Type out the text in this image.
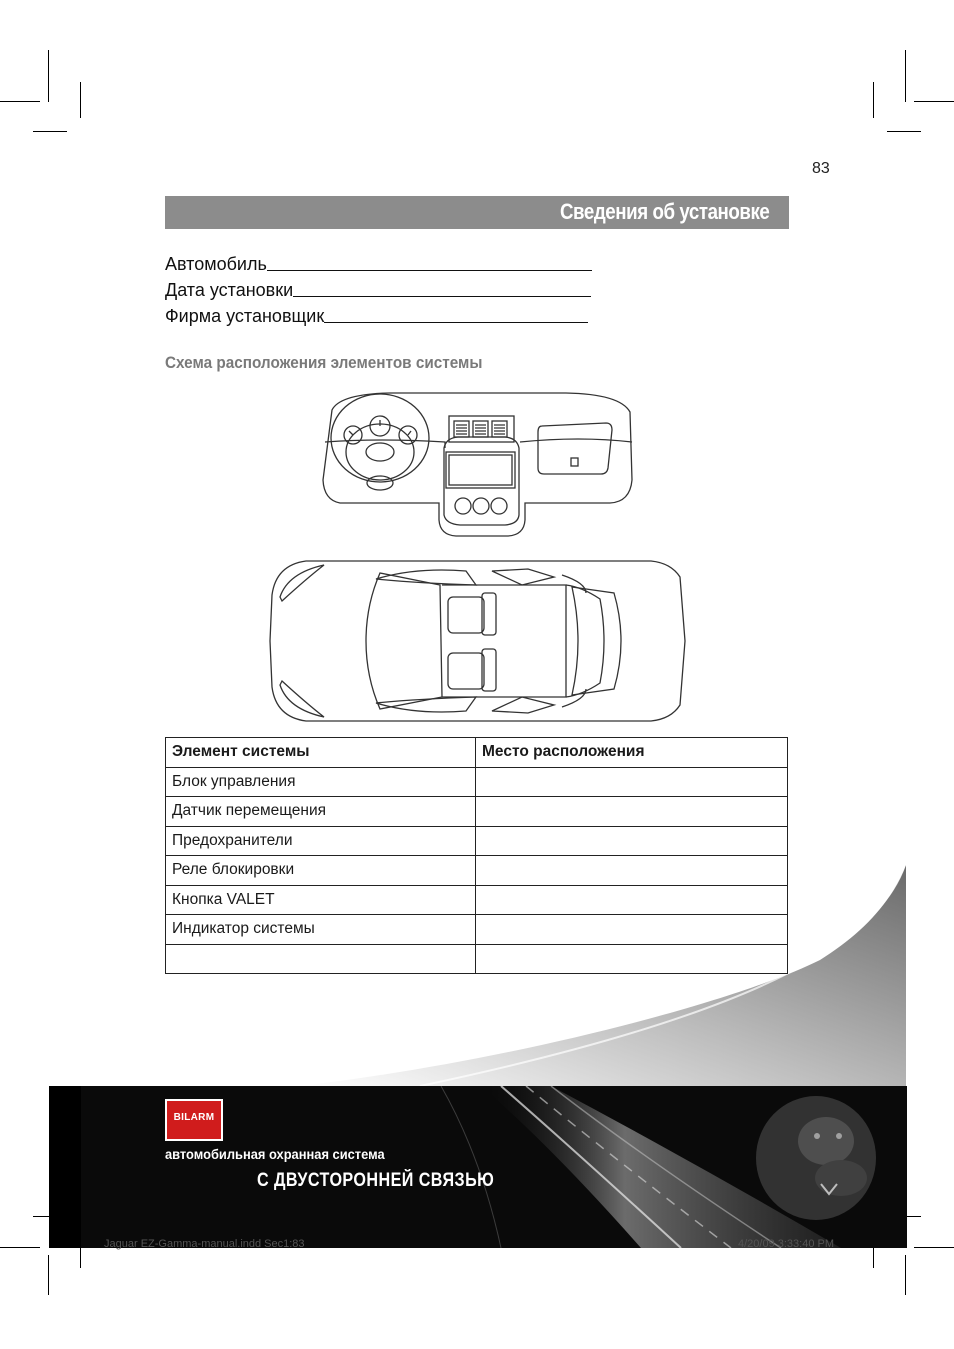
83
Сведения об установке
Автомобиль
Дата установки
Фирма установщик
Схема расположения элементов системы
Элемент системы	Место расположения
Блок управления	
Датчик перемещения	
Предохранители	
Реле блокировки	
Кнопка VALET	
Индикатор системы	

BILARM
автомобильная охранная система
С ДВУСТОРОННЕЙ СВЯЗЬЮ
Jaguar EZ-Gamma-manual.indd Sec1:83	4/20/09 3:33:40 PM
